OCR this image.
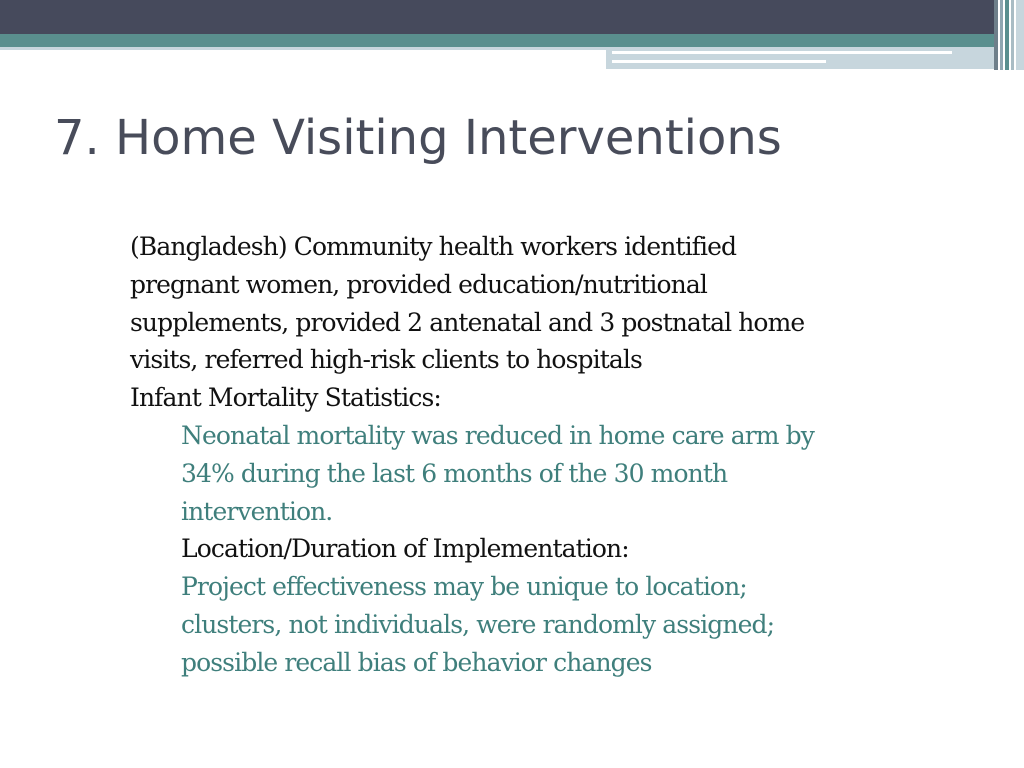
7. Home Visiting Interventions

(Bangladesh) Community health workers identified pregnant women, provided education/nutritional supplements, provided 2 antenatal and 3 postnatal home visits, referred high-risk clients to hospitals

Infant Mortality Statistics:

Neonatal mortality was reduced in home care arm by 34% during the last 6 months of the 30 month intervention.

Location/Duration of Implementation:

Project effectiveness may be unique to location; clusters, not individuals, were randomly assigned; possible recall bias of behavior changes
